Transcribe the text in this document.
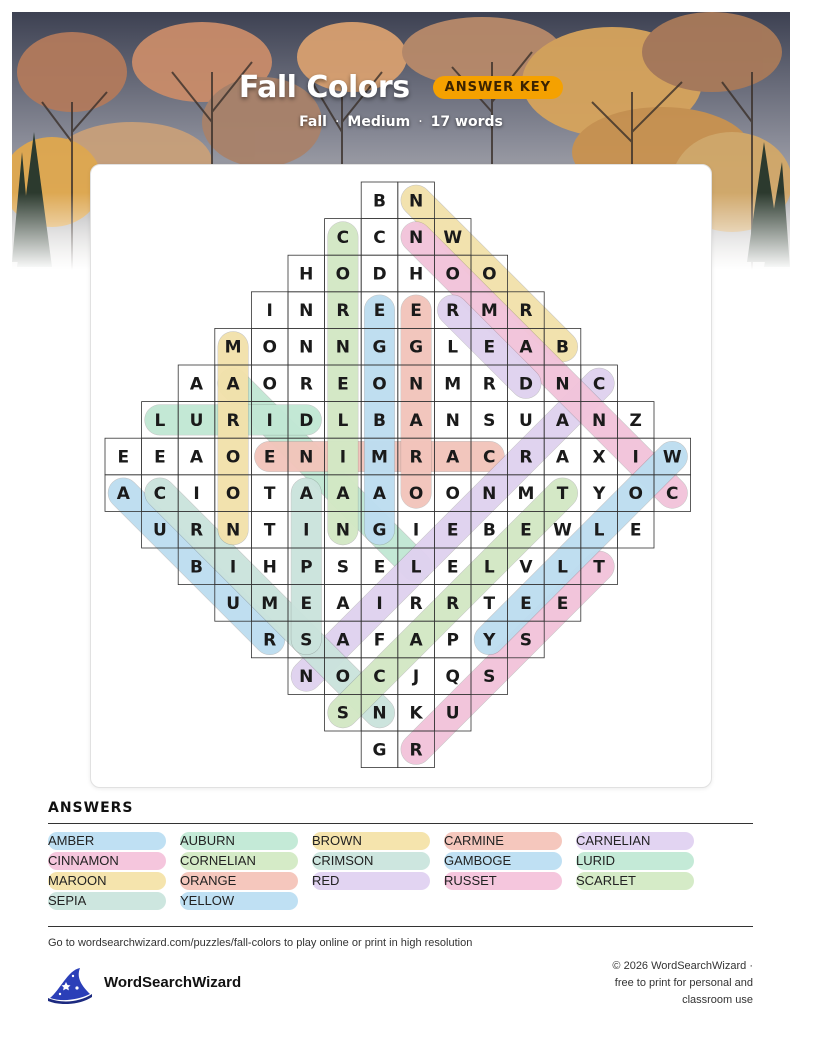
Fall Colors	ANSWER KEY
Fall · Medium · 17 words
B N
C C N W
H O D H O O
I N R E E R M R
M O N N G G L E A B
A A O R E O N M R D N C
L U R I D L B A N S U A N Z
E E A O E N I M R A C R A X I W
A C I O T A A A O O N M T Y O C
U R N T I N G I E B E W L E
B I H P S E L E L V L T
U M E A I R R T E E
R S A F A P Y S
N O C J Q S
S N K U
G R
ANSWERS
AMBER	AUBURN	BROWN	CARMINE	CARNELIAN
CINNAMON	CORNELIAN	CRIMSON	GAMBOGE	LURID
MAROON	ORANGE	RED	RUSSET	SCARLET
SEPIA	YELLOW
Go to wordsearchwizard.com/puzzles/fall-colors to play online or print in high resolution
WordSearchWizard
© 2026 WordSearchWizard ·
free to print for personal and
classroom use
